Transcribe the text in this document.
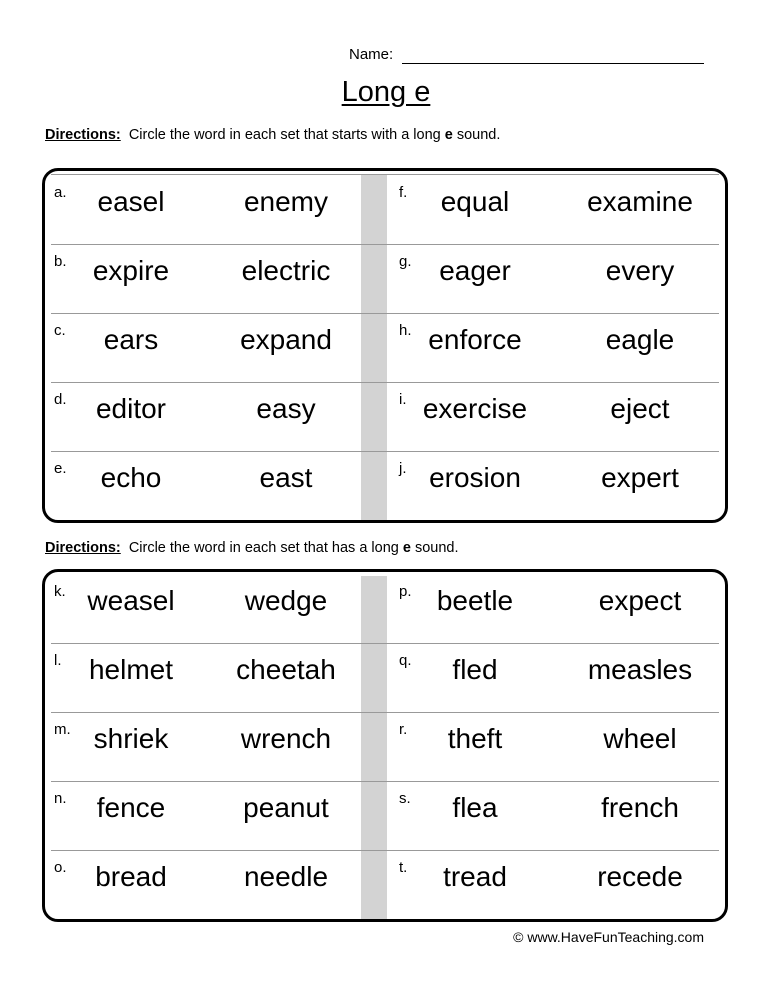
Name:
Long e
Directions: Circle the word in each set that starts with a long e sound.
a.	easel	enemy	f.	equal	examine
b. expire	electric	g. eager	every
c.	ears	expand	h. enforce	eagle
d.	editor	easy	i. exercise	eject
e.	echo	east	j. erosion	expert
Directions: Circle the word in each set that has a long e sound.
k. weasel	wedge	p. beetle	expect
l. helmet	cheetah	q.	fled	measles
m. shriek	wrench	r.	theft	wheel
n.	fence	peanut	s.	flea	french
o.	bread	needle	t.	tread	recede
© www.HaveFunTeaching.com
